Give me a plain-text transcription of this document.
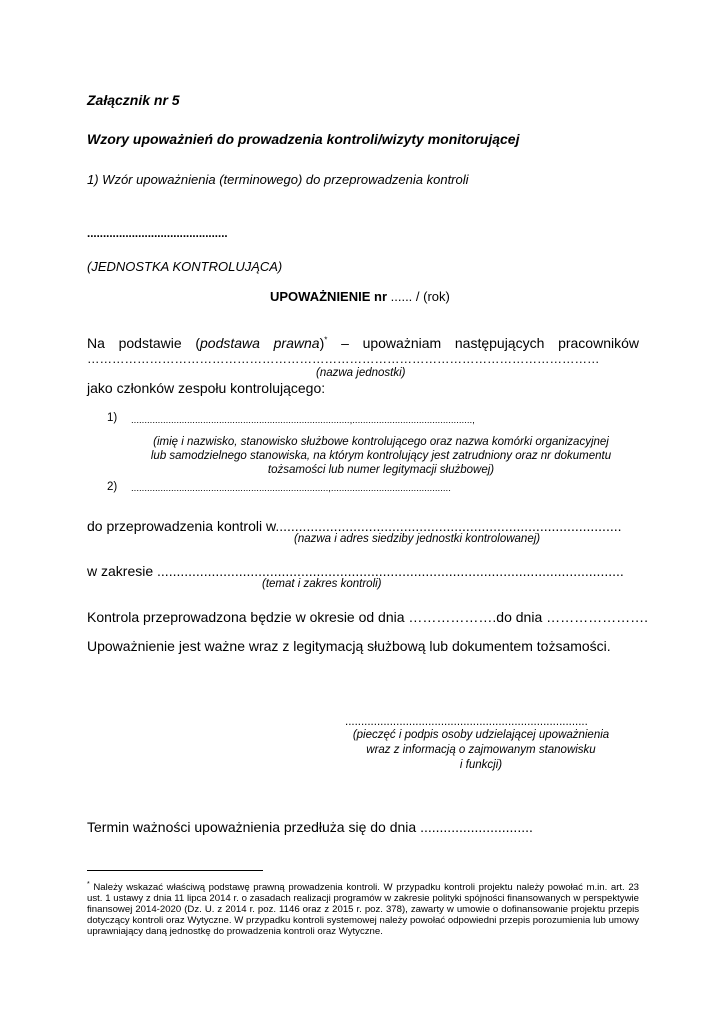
Załącznik nr 5
Wzory upoważnień do prowadzenia kontroli/wizyty monitorującej
1) Wzór upoważnienia (terminowego) do przeprowadzenia kontroli
............................................
(JEDNOSTKA KONTROLUJĄCA)
UPOWAŻNIENIE nr ...... / (rok)
Na podstawie (podstawa prawna)* – upoważniam następujących pracowników
……………………………………………………………………………………………………………
(nazwa jednostki)
jako członków zespołu kontrolującego:
1) ..................................................................................,.............................................,
(imię i nazwisko, stanowisko służbowe kontrolującego oraz nazwa komórki organizacyjnej
lub samodzielnego stanowiska, na którym kontrolujący jest zatrudniony oraz nr dokumentu
tożsamości lub numer legitymacji służbowej)
2) ..........................................................................,.............................................
do przeprowadzenia kontroli w.........................................................................................
(nazwa i adres siedziby jednostki kontrolowanej)
w zakresie ........................................................................................................................
(temat i zakres kontroli)
Kontrola przeprowadzona będzie w okresie od dnia ……………….do dnia ………………….
Upoważnienie jest ważne wraz z legitymacją służbową lub dokumentem tożsamości.
............................................................................
(pieczęć i podpis osoby udzielającej upoważnienia
wraz z informacją o zajmowanym stanowisku
i funkcji)
Termin ważności upoważnienia przedłuża się do dnia .............................
* Należy wskazać właściwą podstawę prawną prowadzenia kontroli. W przypadku kontroli projektu należy powołać m.in. art. 23 ust. 1 ustawy z dnia 11 lipca 2014 r. o zasadach realizacji programów w zakresie polityki spójności finansowanych w perspektywie finansowej 2014-2020 (Dz. U. z 2014 r. poz. 1146 oraz z 2015 r. poz. 378), zawarty w umowie o dofinansowanie projektu przepis dotyczący kontroli oraz Wytyczne. W przypadku kontroli systemowej należy powołać odpowiedni przepis porozumienia lub umowy uprawniający daną jednostkę do prowadzenia kontroli oraz Wytyczne.
